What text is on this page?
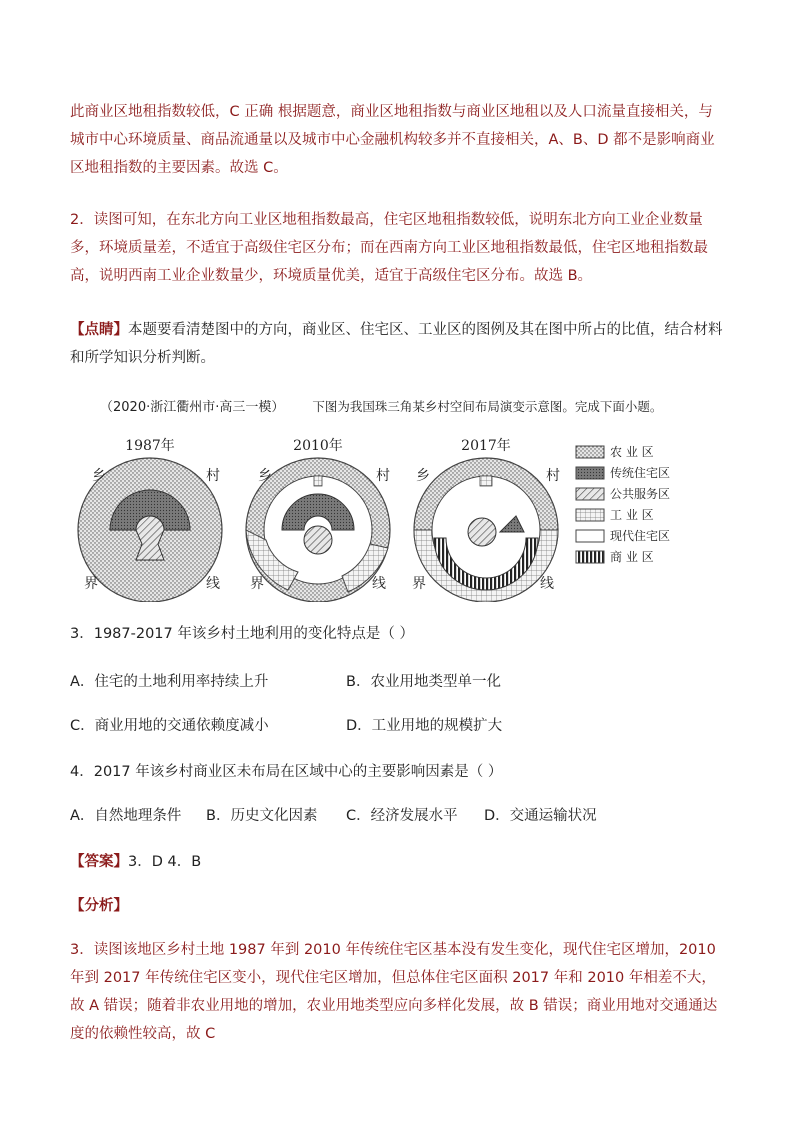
此商业区地租指数较低，C 正确 根据题意，商业区地租指数与商业区地租以及人口流量直接相关，与城市中心环境质量、商品流通量以及城市中心金融机构较多并不直接相关，A、B、D 都不是影响商业区地租指数的主要因素。故选 C。
2．读图可知，在东北方向工业区地租指数最高，住宅区地租指数较低，说明东北方向工业企业数量多，环境质量差，不适宜于高级住宅区分布；而在西南方向工业区地租指数最低，住宅区地租指数最高，说明西南工业企业数量少，环境质量优美，适宜于高级住宅区分布。故选 B。
【点睛】本题要看清楚图中的方向，商业区、住宅区、工业区的图例及其在图中所占的比值，结合材料和所学知识分析判断。
（2020·浙江衢州市·高三一模） 下图为我国珠三角某乡村空间布局演变示意图。完成下面小题。
1987年	2010年	2017年
乡	村
界	线
乡	村
界	线
乡	村
界	线
农 业 区
传统住宅区
公共服务区
工 业 区
现代住宅区
商 业 区
3．1987-2017 年该乡村土地利用的变化特点是（ ）
A．住宅的土地利用率持续上升	B．农业用地类型单一化
C．商业用地的交通依赖度减小	D．工业用地的规模扩大
4．2017 年该乡村商业区未布局在区域中心的主要影响因素是（ ）
A．自然地理条件 B．历史文化因素 C．经济发展水平 D．交通运输状况
【答案】3．D 4．B
【分析】
3．读图该地区乡村土地 1987 年到 2010 年传统住宅区基本没有发生变化，现代住宅区增加，2010 年到 2017 年传统住宅区变小，现代住宅区增加，但总体住宅区面积 2017 年和 2010 年相差不大，故 A 错误；随着非农业用地的增加，农业用地类型应向多样化发展，故 B 错误；商业用地对交通通达度的依赖性较高，故 C
